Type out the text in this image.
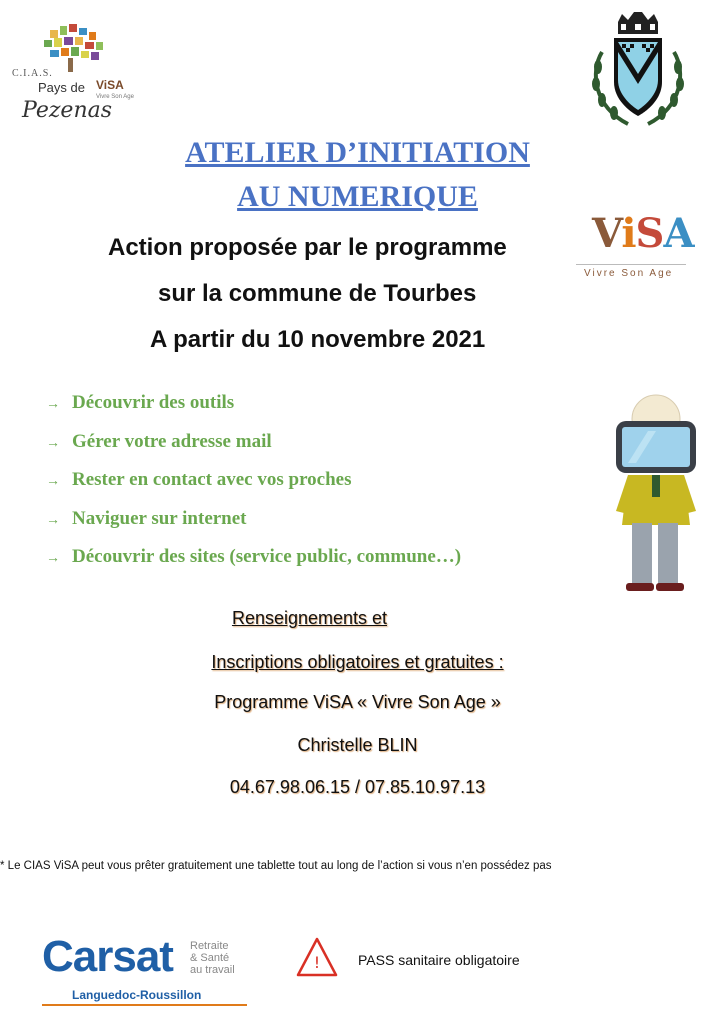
C.I.A.S.
Pays de
Pezenas
ViSA
Vivre Son Age
ATELIER D’INITIATION
AU NUMERIQUE
Action proposée par le programme
sur la commune de Tourbes
A partir du 10 novembre 2021
ViSA
Vivre Son Age
→ Découvrir des outils
→ Gérer votre adresse mail
→ Rester en contact avec vos proches
→ Naviguer sur internet
→ Découvrir des sites (service public, commune…)
Renseignements et
Inscriptions obligatoires et gratuites :
Programme ViSA « Vivre Son Age »
Christelle BLIN
04.67.98.06.15 / 07.85.10.97.13
* Le CIAS ViSA peut vous prêter gratuitement une tablette tout au long de l’action si vous n’en possédez pas
Carsat Retraite
& Santé
au travail
Languedoc-Roussillon
!	PASS sanitaire obligatoire
